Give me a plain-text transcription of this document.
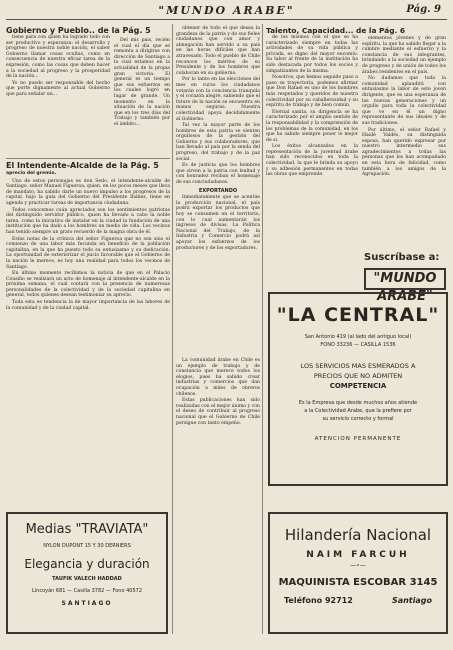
"MUNDO ARABE"	Pág. 9
Gobierno y Pueblo.. de la Pág. 5

tiene para con quien ha logrado todo con ser productivo y esperanza: el desarrollo y progreso de nuestra noble nación, el saber Gobierno llamar cosas ocultas, como en consecuencia de nuestra eficaz tarea de la expresión, como las cosas que deben hacer a la sociedad al progreso y la prosperidad de la nación...

Yo no puedo ser responsable del hecho que porte dignamente al actual Gobierno que para señalar un...

Del mis pais, recién el cual el día que se remonta a dirigirse con dirección de Santiago a la cual estamos en la actualidad de la propia gran victoria. El general es un tiempo que sus esfuerzos en los cuales logró en lugar de grande. Un momento en la situación de la nación que en los tres días del Trabajo y también por el ámbito...

El Intendente-Alcalde de la Pág. 5
aprecio del gremio.

Uno de estos personajes es don Sedo, el intendente-alcalde de Santiago, señor Manuel Figueroa, quien, en los pocos meses que lleva de mandato, ha sabido darle un nuevo impulso a los progresos de la capital, bajo la guía del Gobierno del Presidente Ibáñez, tiene en agenda y practicar tareas de importancia ciudadana.

Todos conocemos cuán apreciados son los sentimientos patriotas del distinguido servidor público, quien ha llevado a cabo la noble tarea, como la iniciativa de instalar en la ciudad la fundación de una institución que ha dado a los hombres un medio de vida. Los vecinos han tenido siempre un grato recuerdo de la magna obra de él.

Estas notas de la crónica del señor Figueroa que no son sino el comienzo de una labor más fecunda en beneficio de la población capitalina, en la que ha puesto todo su entusiasmo y su dedicación. La oportunidad de exteriorizar el juicio favorable que el Gobierno de la nación le merece, es hoy una realidad para todos los vecinos de Santiago.

En último momento recibimos la noticia de que en el Palacio Cousiño se realizará un acto de homenaje al intendente-alcalde en la próxima semana, el cual contará con la presencia de numerosas personalidades de la colectividad y de la sociedad capitalina en general, todos quienes desean testimoniar su aprecio.

Toda esta es tendencia la de mayor importancia de las labores de la comunidad y de la ciudad capital.

Medias "TRAVIATA"
NYLON DUPONT 15 Y 30 DERNIERS
Elegancia y duración
TAUFIK VALECH HADDAD
Lincoyán 681 — Casilla 3782 — Fono 40572
SANTIAGO

obtener de todo el que desea la grandeza de la patria y de sus fieles ciudadanos que con amor y abnegación han servido a su país en las horas difíciles que han atravesado. Todo el pueblo de Chile reconoce los méritos de su Presidente y de los hombres que colaboran en su gobierno.

Por lo tanto en las elecciones del mes en curso los ciudadanos votarán con la conciencia tranquila y el corazón alegre, sabiendo que el futuro de la nación se encuentra en manos seguras. Nuestra colectividad apoya decididamente al Gobierno.

Tal vez la mayor parte de los hombres de esta patria se sienten orgullosos de la gestión del Gobierno y sus colaboradores, que han llevado al país por la senda del progreso, del trabajo y de la paz social.

Es de justicia que los hombres que sirven a la patria con lealtad y con honradez reciban el homenaje de sus conciudadanos.

EXPORTANDO

Inmediatamente que se acentúe la producción nacional, el país podrá exportar los productos que hoy se consumen en el territorio, con lo cual aumentarán los ingresos de divisas. La Política Nacional del Trabajo, de la Industria y Comercio podrá así apoyar los esfuerzos de los productores y de los exportadores.

La comunidad árabe en Chile es un ejemplo de trabajo y de constancia que merece todos los elogios, pues ha sabido crear industrias y comercios que dan ocupación a miles de obreros chilenos.

Estas publicaciones han sido realizadas con el mejor ánimo y con el deseo de contribuir al progreso nacional que el Gobierno de Chile persigue con tanto empeño.

Talento, Capacidad... de la Pág. 6

de los mismos con el que se ha caracterizado siempre en todas las actividades de su vida pública y privada, es digno del mayor encomio. Su labor al frente de la institución ha sido destacada por todos los socios y simpatizantes de la misma.

Nosotros, que hemos seguido paso a paso su trayectoria, podemos afirmar que Don Rafael es uno de los hombres más respetados y queridos de nuestra colectividad por su caballerosidad y su espíritu de trabajo y de bien común.

Eternal sanita, su dirigencia se ha caracterizado por el amplio sentido de la responsabilidad y la comprensión de los problemas de la comunidad, en los que ha sabido siempre poner lo mejor de sí.

Los éxitos alcanzados en la representación de la juventud árabe han sido reconocidos en toda la colectividad, la que le brinda su apoyo y su adhesión permanentes en todas las obras que emprende.

elementos jóvenes y de gran espíritu, la que ha sabido llegar a la cumbre mediante el esfuerzo y la constancia de sus integrantes, brindando a la sociedad un ejemplo de progreso y de unión de todos los árabes residentes en el país.

No dudamos que toda la comunidad aplaudirá con entusiasmo la labor de este joven dirigente, que es una esperanza de las nuevas generaciones y un orgullo para toda la colectividad que ve en él un digno representante de sus ideales y de sus tradiciones.

Por último, el señor Rafael y Haidé Valdés, su distinguida esposa, han querido expresar por nuestro intermedio sus agradecimientos a todas las personas que los han acompañado en esta hora de felicidad, como también a los amigos de la Agrupación.

Suscríbase a:
"MUNDO ARABE"
"LA CENTRAL"
San Antonio 419 (al lado del antiguo local)
FONO 33236 — CASILLA 1536
LOS SERVICIOS MAS ESMERADOS A
PRECIOS QUE NO ADMITEN
COMPETENCIA
Es la Empresa que desde muchos años atiende
a la Colectividad Arabe, que la prefiere por
su servicio correcto y formal
ATENCION PERMANENTE
Hilandería Nacional
NAIM FARCUH
—∘—
MAQUINISTA ESCOBAR 3145
Teléfono 92712	Santiago
